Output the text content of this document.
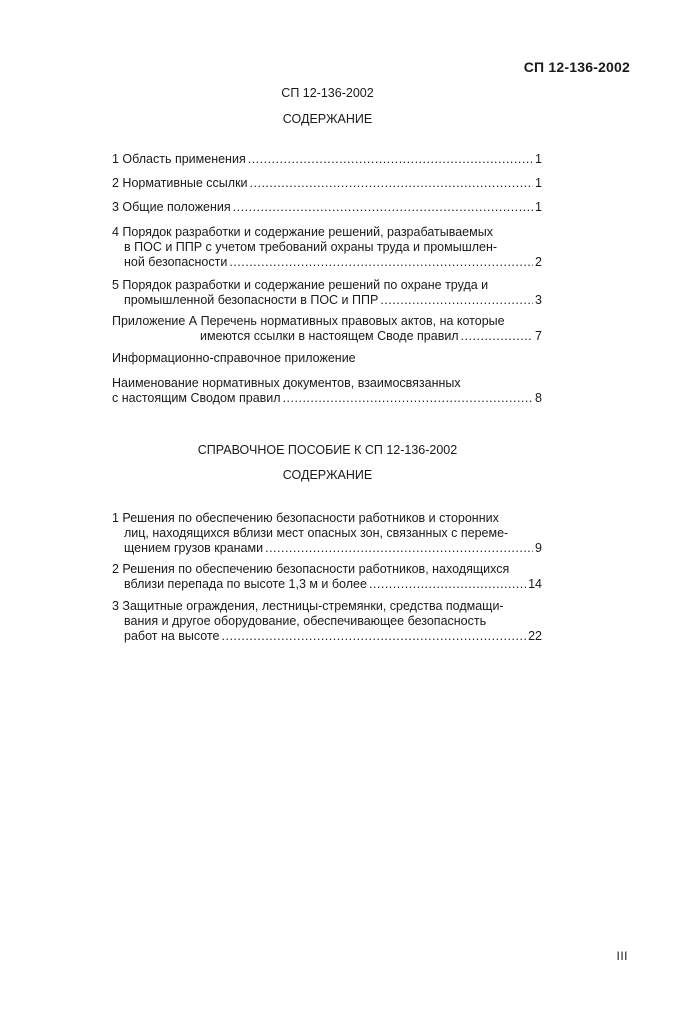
СП 12-136-2002
СП 12-136-2002
СОДЕРЖАНИЕ
1 Область применения .....	1
2 Нормативные ссылки .....	1
3 Общие положения .....	1
4 Порядок разработки и содержание решений, разрабатываемых
в ПОС и ППР с учетом требований охраны труда и промышлен-
ной безопасности .....	2
5 Порядок разработки и содержание решений по охране труда и
промышленной безопасности в ПОС и ППР .....	3
Приложение А Перечень нормативных правовых актов, на которые
имеются ссылки в настоящем Своде правил .....	7
Информационно-справочное приложение
Наименование нормативных документов, взаимосвязанных
с настоящим Сводом правил .....	8
СПРАВОЧНОЕ ПОСОБИЕ К СП 12-136-2002
СОДЕРЖАНИЕ
1 Решения по обеспечению безопасности работников и сторонних
лиц, находящихся вблизи мест опасных зон, связанных с переме-
щением грузов кранами .....	9
2 Решения по обеспечению безопасности работников, находящихся
вблизи перепада по высоте 1,3 м и более .....	14
3 Защитные ограждения, лестницы-стремянки, средства подмащи-
вания и другое оборудование, обеспечивающее безопасность
работ на высоте .....	22
III
